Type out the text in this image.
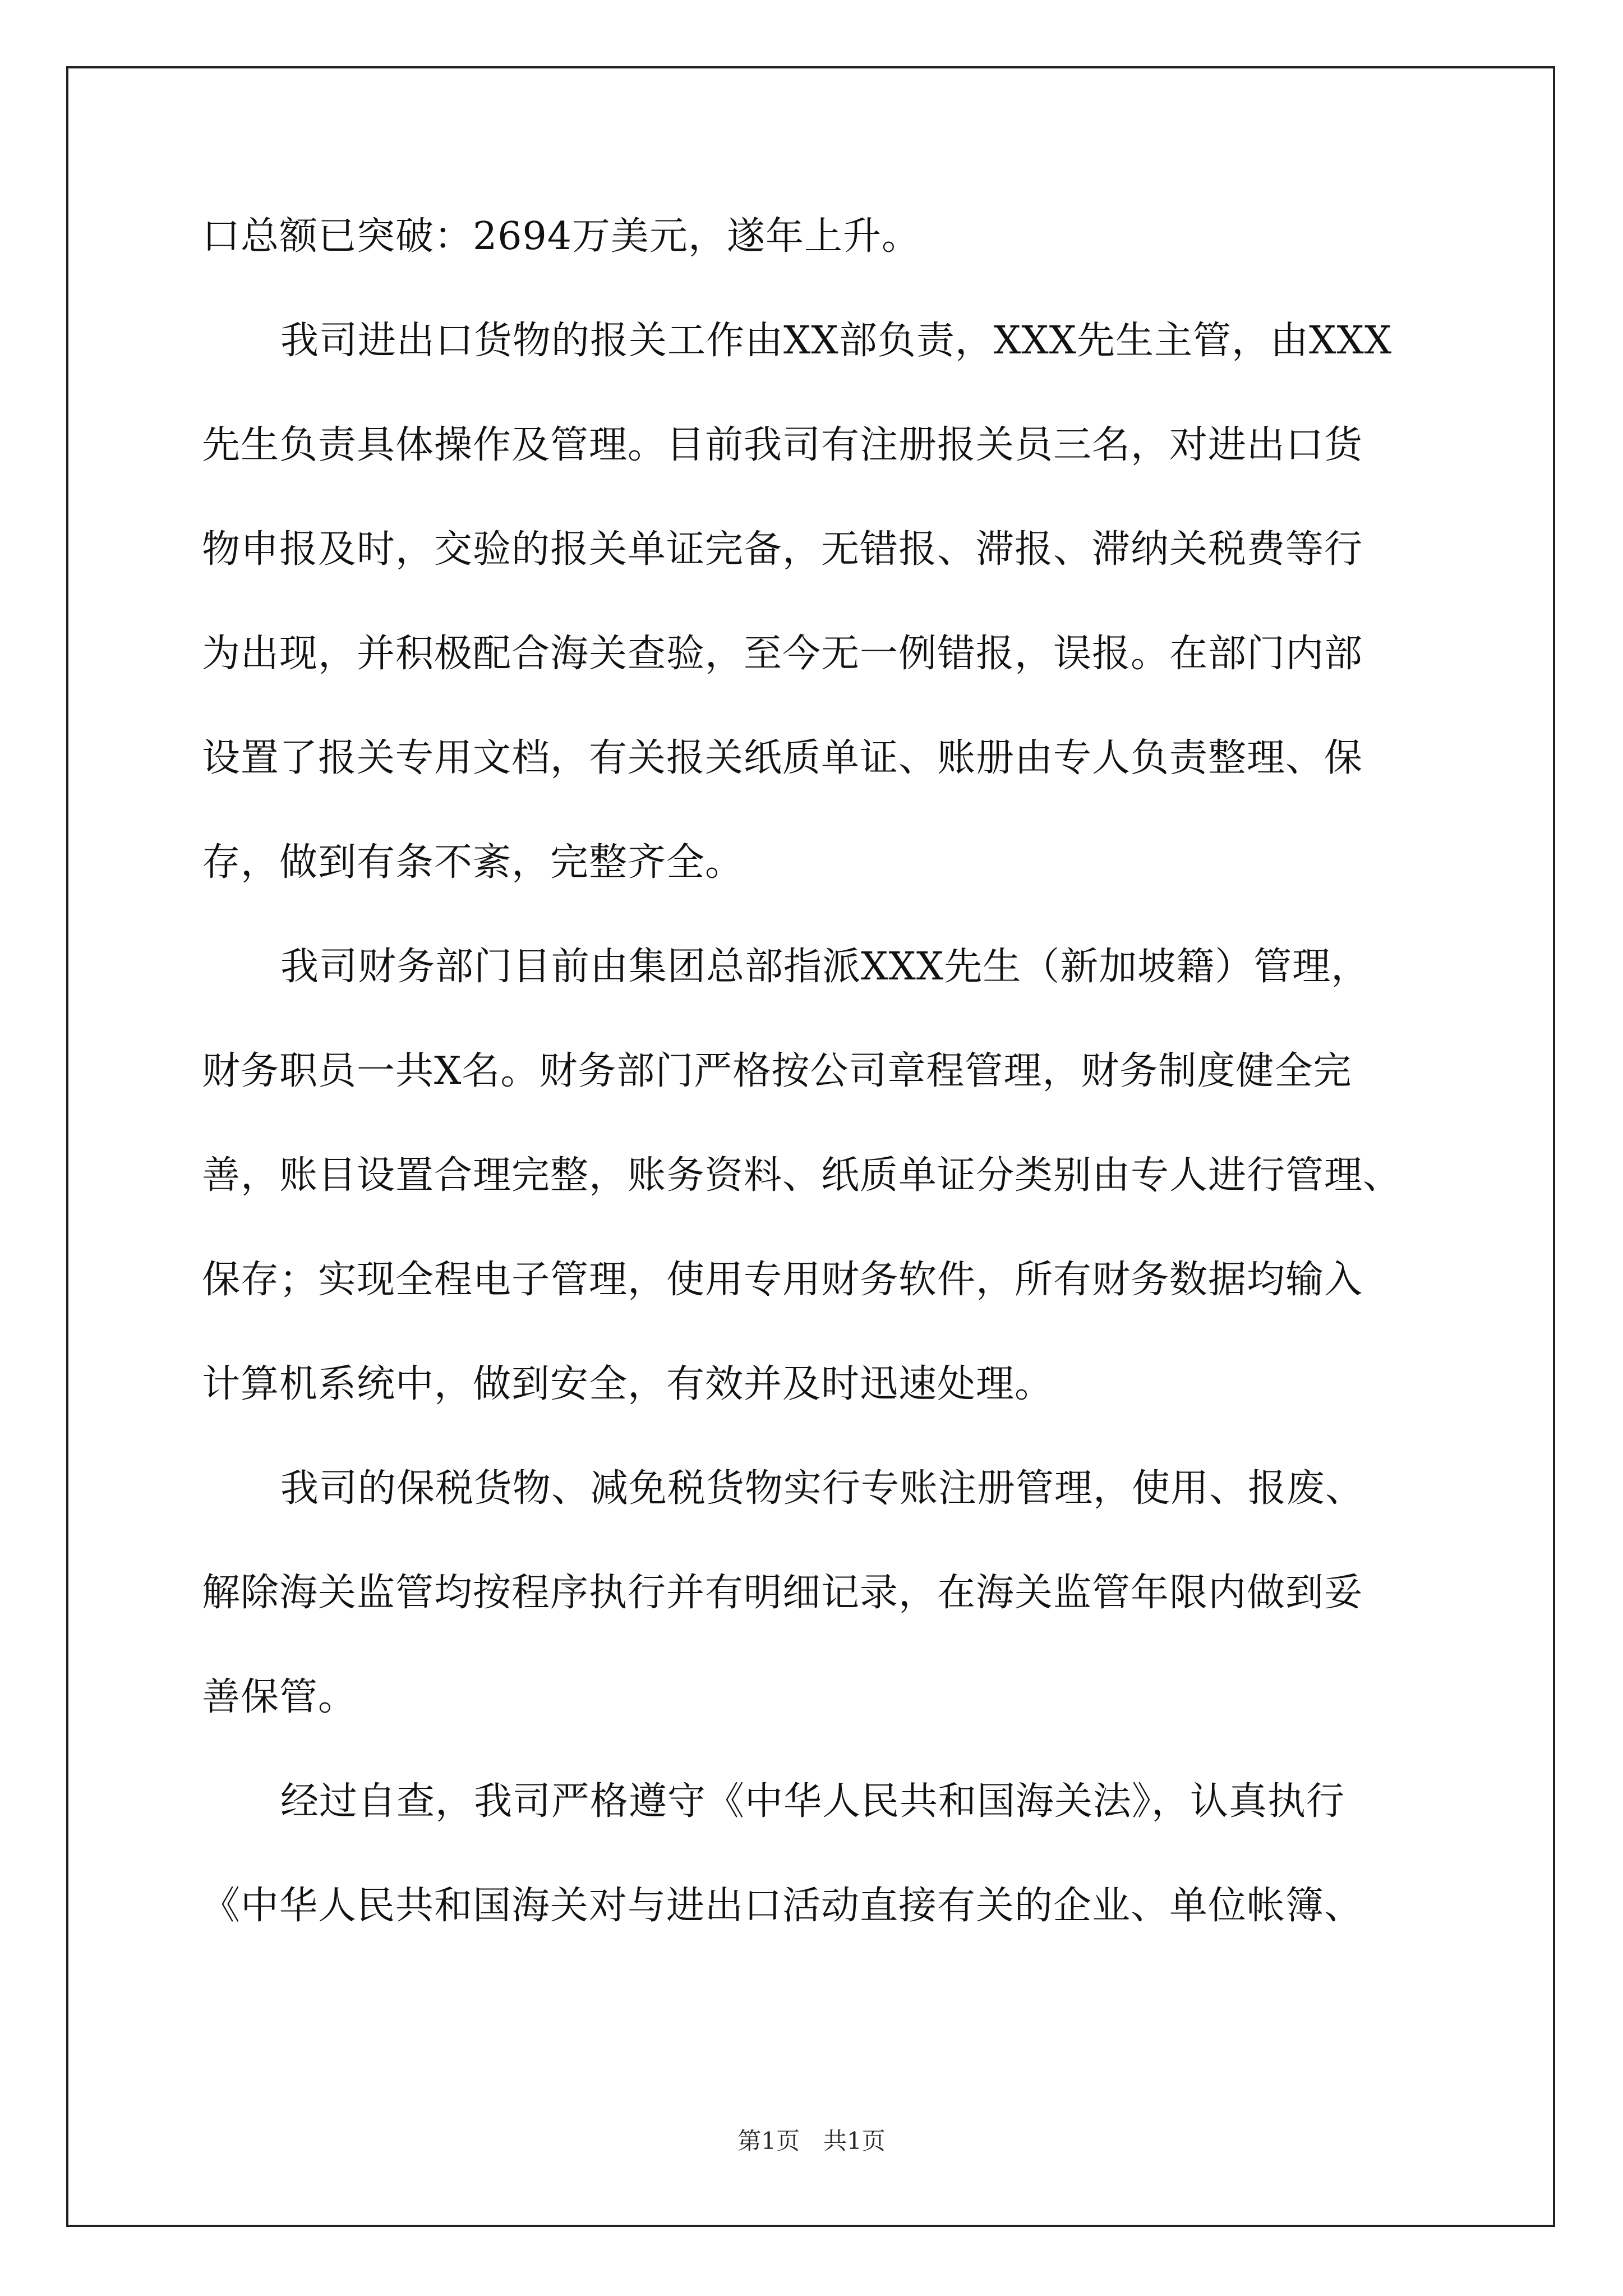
口总额已突破：2694万美元，遂年上升。
我司进出口货物的报关工作由XX部负责，XXX先生主管，由XXX
先生负责具体操作及管理。目前我司有注册报关员三名，对进出口货
物申报及时，交验的报关单证完备，无错报、滞报、滞纳关税费等行
为出现，并积极配合海关查验，至今无一例错报，误报。在部门内部
设置了报关专用文档，有关报关纸质单证、账册由专人负责整理、保
存，做到有条不紊，完整齐全。
我司财务部门目前由集团总部指派XXX先生（新加坡籍）管理，
财务职员一共X名。财务部门严格按公司章程管理，财务制度健全完
善，账目设置合理完整，账务资料、纸质单证分类别由专人进行管理、
保存；实现全程电子管理，使用专用财务软件，所有财务数据均输入
计算机系统中，做到安全，有效并及时迅速处理。
我司的保税货物、减免税货物实行专账注册管理，使用、报废、
解除海关监管均按程序执行并有明细记录，在海关监管年限内做到妥
善保管。
经过自查，我司严格遵守《中华人民共和国海关法》，认真执行
《中华人民共和国海关对与进出口活动直接有关的企业、单位帐簿、
第1页　共1页
